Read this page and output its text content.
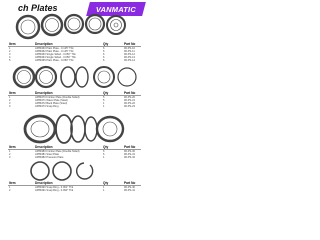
ch Plates	VANMATIC
Item	Description	Qty	Part No
1	AP89460 Plain Plate - 0.125" Thk	6	96-PS-10
2	AP89462 Plain Plate - 0.125" Thk	6	96-PS-11
3	AP89463 Single Sided - 0.050" Thk	6	96-PS-12
4	AP89464 Single Sided - 0.050" Thk	6	96-PS-13
5	AP89465 Plain Plate - 0.050" Thk	6	96-PS-14
Item	Description	Qty	Part No
1	AP89470 Friction Plate (Double Sided)	5	96-PS-20
2	AP89471 Wave Plate (Steel)	5	96-PS-21
3	AP89472 Back Plate (Steel)	1	96-PS-22
4	AP89473 Snap Ring	1	96-PS-23
Item	Description	Qty	Part No
1	AP89480 Friction Plate (Double Sided)	6	96-PS-30
2	AP89481 Steel Plate	6	96-PS-31
3	AP89482 Pressure Plate	1	96-PS-32
Item	Description	Qty	Part No
1	AP89490 Snap Ring - 0.061" Thk	1	96-PS-40
2	AP89491 Snap Ring - 0.093" Thk	1	96-PS-41
